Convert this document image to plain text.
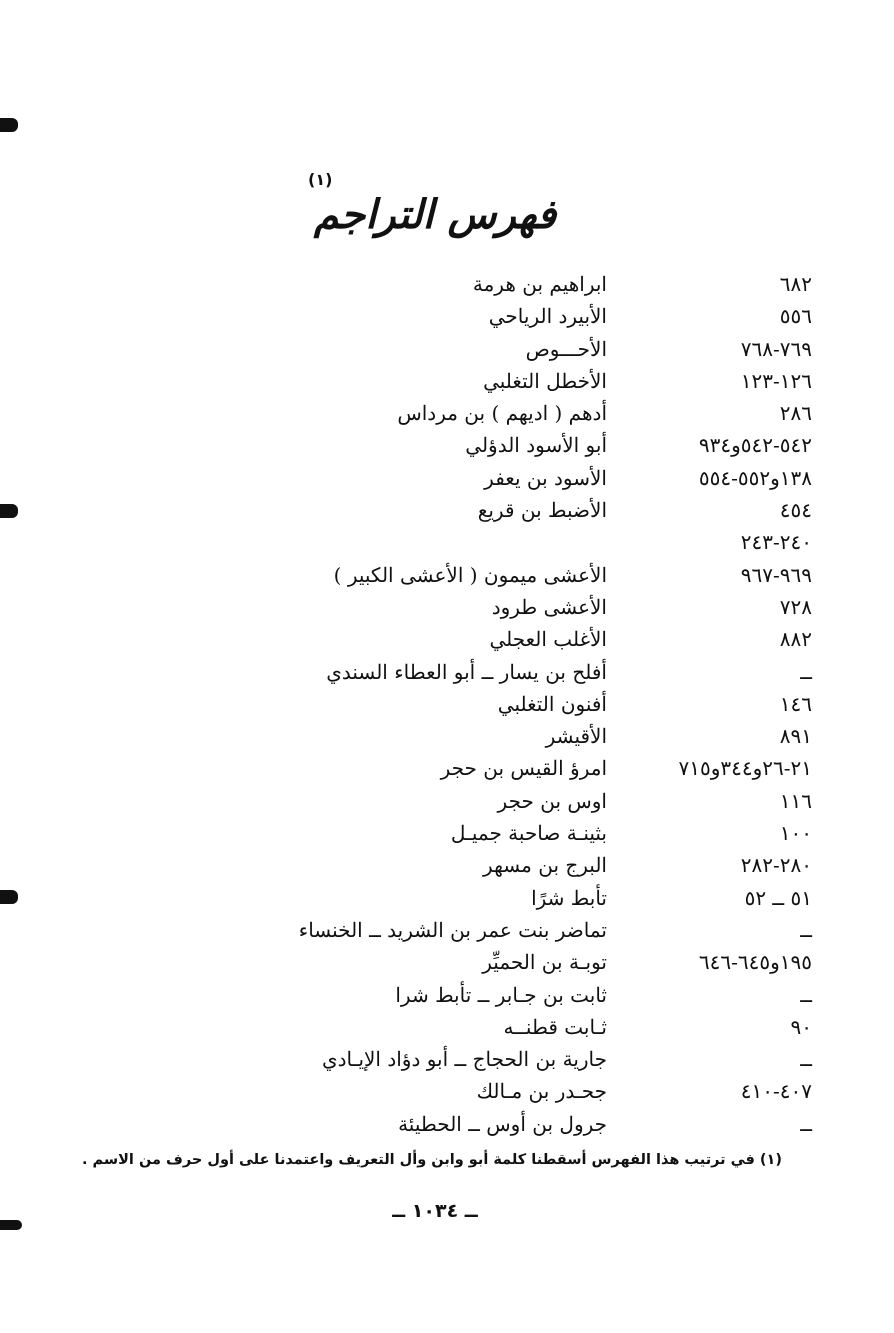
(١)
فهرس التراجم
٦٨٢
ابراهيم بن هرمة
٥٥٦
الأبيرد الرياحي
٧٦٩-٧٦٨
الأحـــوص
١٢٦-١٢٣
الأخطل التغلبي
٢٨٦
أدهم ( اديهم ) بن مرداس
٥٤٢-٥٤٢و٩٣٤
أبو الأسود الدؤلي
١٣٨و٥٥٢-٥٥٤
الأسود بن يعفر
٤٥٤
الأضبط بن قريع
٢٤٠-٢٤٣
٩٦٩-٩٦٧
الأعشى ميمون ( الأعشى الكبير )
٧٢٨
الأعشى طرود
٨٨٢
الأغلب العجلي
ــ
أفلح بن يسار ــ أبو العطاء السندي
١٤٦
أفنون التغلبي
٨٩١
الأقيشر
٢١-٢٦و٣٤٤و٧١٥
امرؤ القيس بن حجر
١١٦
اوس بن حجر
١٠٠
بثينـة صاحبة جميـل
٢٨٠-٢٨٢
البرج بن مسهر
٥١ ــ ٥٢
تأبط شرًا
ــ
تماضر بنت عمر بن الشريد ــ الخنساء
١٩٥و٦٤٥-٦٤٦
توبـة بن الحميِّر
ــ
ثابت بن جـابر ــ تأبط شرا
٩٠
ثـابت قطنــه
ــ
جارية بن الحجاج ــ أبو دؤاد الإيـادي
٤٠٧-٤١٠
جحـدر بن مـالك
ــ
جرول بن أوس ــ الحطيئة
(١) في ترتيب هذا الفهرس أسقطنا كلمة أبو وابن وأل التعريف واعتمدنا على أول حرف من الاسم .
ــ ١٠٣٤ ــ
